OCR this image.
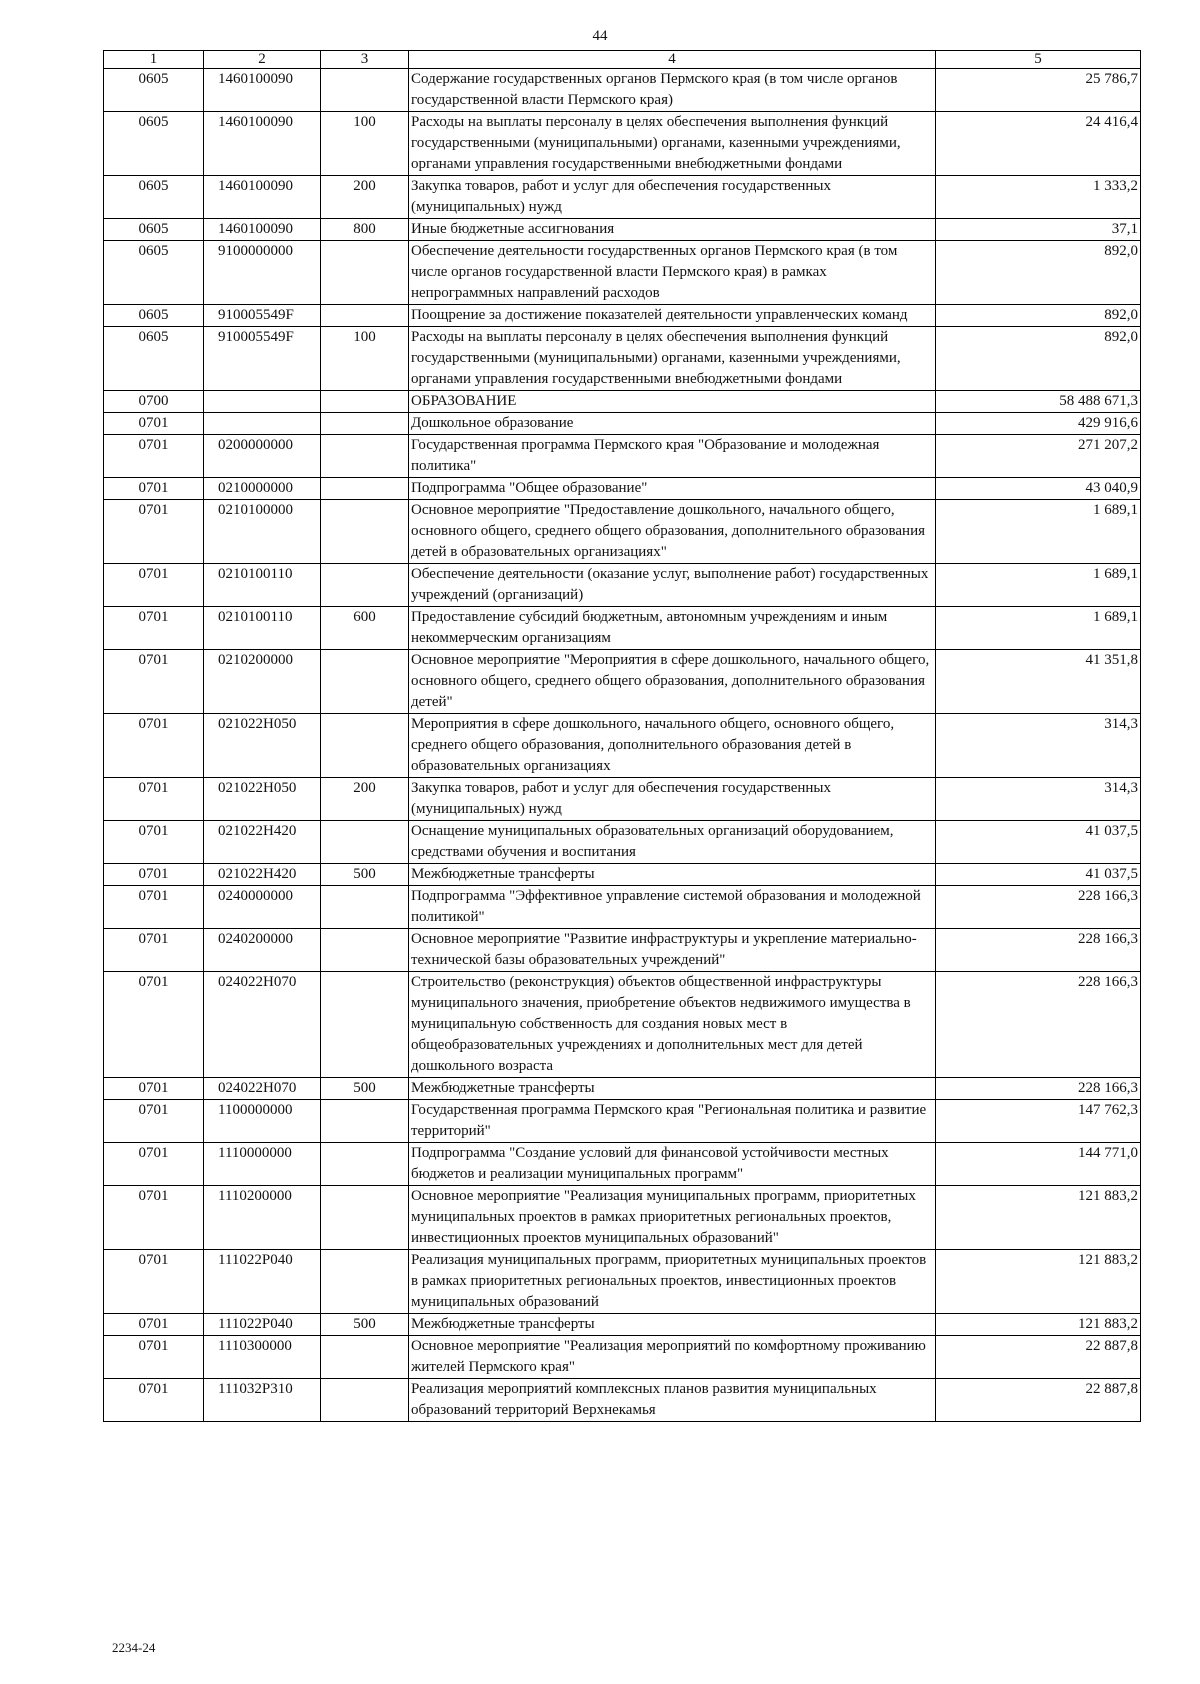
44
1	2	3	4	5
0605	1460100090		Содержание государственных органов Пермского края (в том числе органов государственной власти Пермского края)	25 786,7
0605	1460100090	100	Расходы на выплаты персоналу в целях обеспечения выполнения функций государственными (муниципальными) органами, казенными учреждениями, органами управления государственными внебюджетными фондами	24 416,4
0605	1460100090	200	Закупка товаров, работ и услуг для обеспечения государственных (муниципальных) нужд	1 333,2
0605	1460100090	800	Иные бюджетные ассигнования	37,1
0605	9100000000		Обеспечение деятельности государственных органов Пермского края (в том числе органов государственной власти Пермского края) в рамках непрограммных направлений расходов	892,0
0605	910005549F		Поощрение за достижение показателей деятельности управленческих команд	892,0
0605	910005549F	100	Расходы на выплаты персоналу в целях обеспечения выполнения функций государственными (муниципальными) органами, казенными учреждениями, органами управления государственными внебюджетными фондами	892,0
0700			ОБРАЗОВАНИЕ	58 488 671,3
0701			Дошкольное образование	429 916,6
0701	0200000000		Государственная программа Пермского края "Образование и молодежная политика"	271 207,2
0701	0210000000		Подпрограмма "Общее образование"	43 040,9
0701	0210100000		Основное мероприятие "Предоставление дошкольного, начального общего, основного общего, среднего общего образования, дополнительного образования детей в образовательных организациях"	1 689,1
0701	0210100110		Обеспечение деятельности (оказание услуг, выполнение работ) государственных учреждений (организаций)	1 689,1
0701	0210100110	600	Предоставление субсидий бюджетным, автономным учреждениям и иным некоммерческим организациям	1 689,1
0701	0210200000		Основное мероприятие "Мероприятия в сфере дошкольного, начального общего, основного общего, среднего общего образования, дополнительного образования детей"	41 351,8
0701	021022Н050		Мероприятия в сфере дошкольного, начального общего, основного общего, среднего общего образования, дополнительного образования детей в образовательных организациях	314,3
0701	021022Н050	200	Закупка товаров, работ и услуг для обеспечения государственных (муниципальных) нужд	314,3
0701	021022Н420		Оснащение муниципальных образовательных организаций оборудованием, средствами обучения и воспитания	41 037,5
0701	021022Н420	500	Межбюджетные трансферты	41 037,5
0701	0240000000		Подпрограмма "Эффективное управление системой образования и молодежной политикой"	228 166,3
0701	0240200000		Основное мероприятие "Развитие инфраструктуры и укрепление материально-технической базы образовательных учреждений"	228 166,3
0701	024022Н070		Строительство (реконструкция) объектов общественной инфраструктуры муниципального значения, приобретение объектов недвижимого имущества в муниципальную собственность для создания новых мест в общеобразовательных учреждениях и дополнительных мест для детей дошкольного возраста	228 166,3
0701	024022Н070	500	Межбюджетные трансферты	228 166,3
0701	1100000000		Государственная программа Пермского края "Региональная политика и развитие территорий"	147 762,3
0701	1110000000		Подпрограмма "Создание условий для финансовой устойчивости местных бюджетов и реализации муниципальных программ"	144 771,0
0701	1110200000		Основное мероприятие "Реализация муниципальных программ, приоритетных муниципальных проектов в рамках приоритетных региональных проектов, инвестиционных проектов муниципальных образований"	121 883,2
0701	111022Р040		Реализация муниципальных программ, приоритетных муниципальных проектов в рамках приоритетных региональных проектов, инвестиционных проектов муниципальных образований	121 883,2
0701	111022Р040	500	Межбюджетные трансферты	121 883,2
0701	1110300000		Основное мероприятие "Реализация мероприятий по комфортному проживанию жителей Пермского края"	22 887,8
0701	111032Р310		Реализация мероприятий комплексных планов развития муниципальных образований территорий Верхнекамья	22 887,8
2234-24
